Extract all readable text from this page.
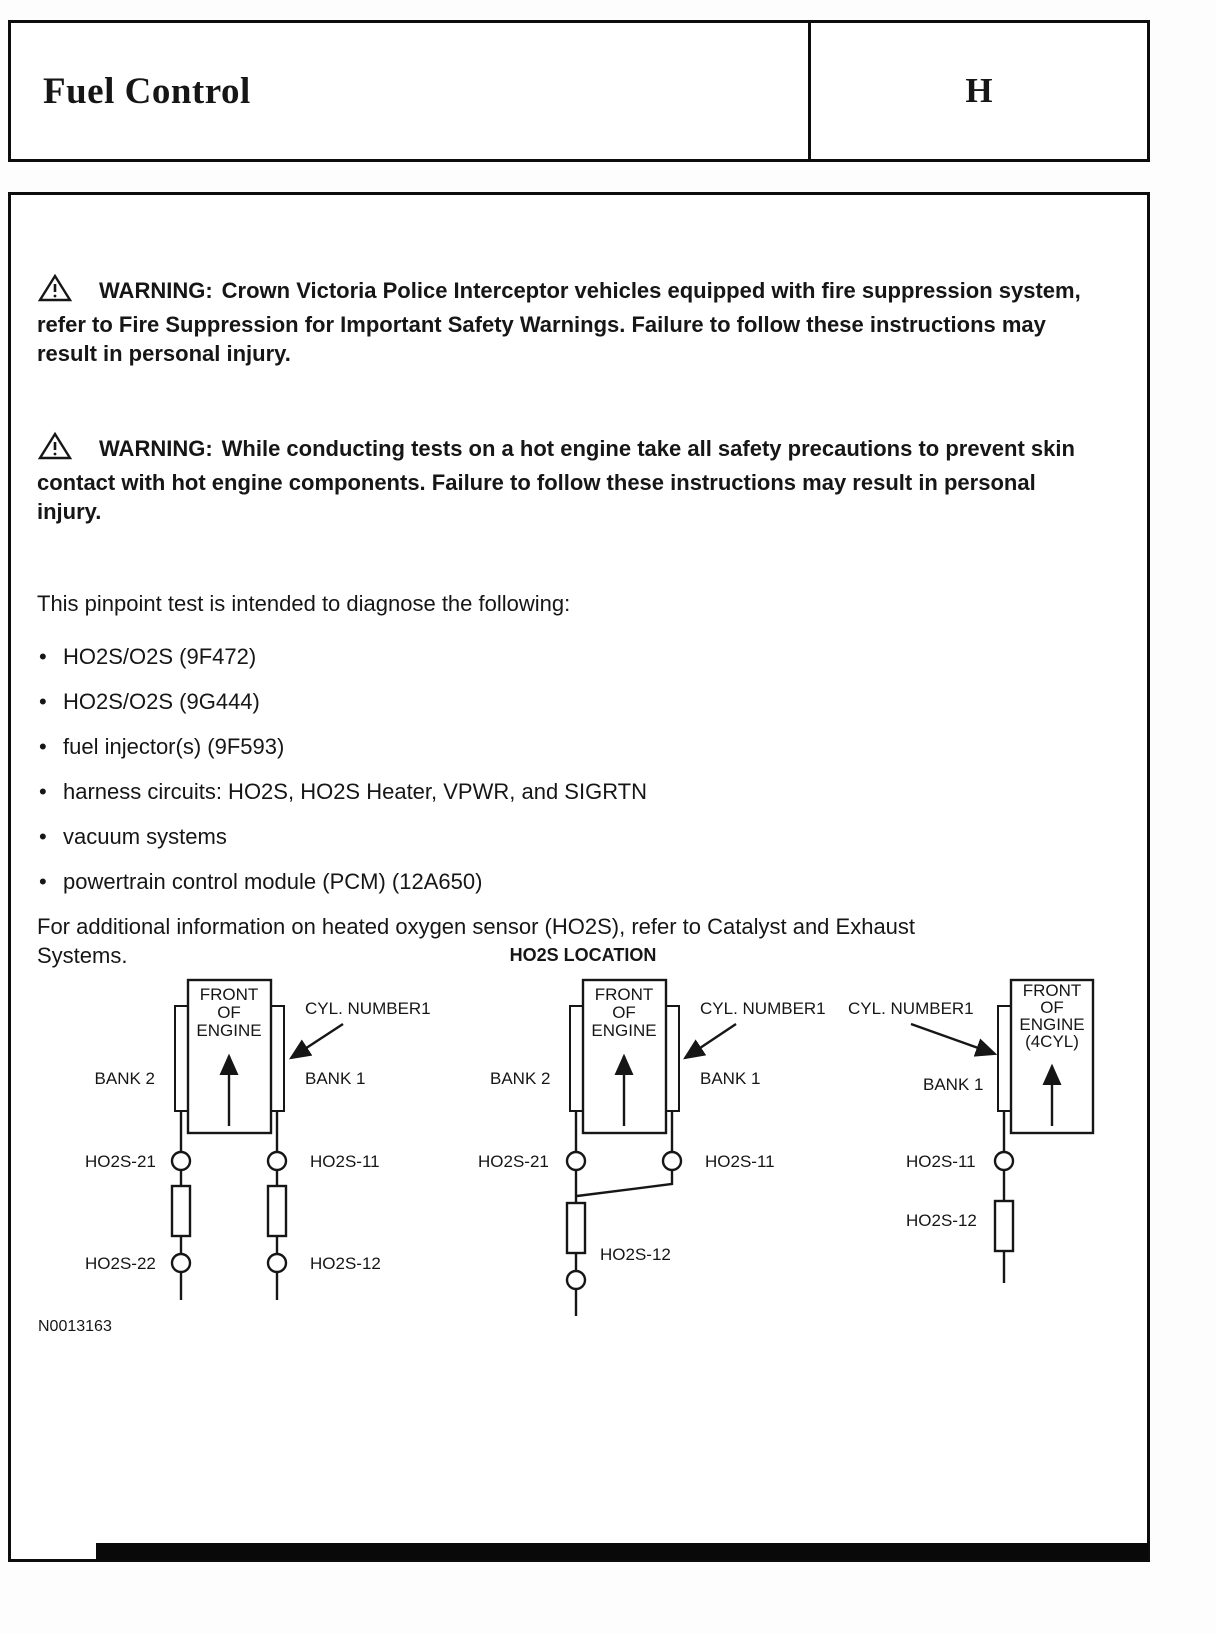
Fuel Control	H

WARNING: Crown Victoria Police Interceptor vehicles equipped with fire suppression system, refer to Fire Suppression for Important Safety Warnings. Failure to follow these instructions may result in personal injury.

WARNING: While conducting tests on a hot engine take all safety precautions to prevent skin contact with hot engine components. Failure to follow these instructions may result in personal injury.

This pinpoint test is intended to diagnose the following:

• HO2S/O2S (9F472)
• HO2S/O2S (9G444)
• fuel injector(s) (9F593)
• harness circuits: HO2S, HO2S Heater, VPWR, and SIGRTN
• vacuum systems
• powertrain control module (PCM) (12A650)

For additional information on heated oxygen sensor (HO2S), refer to Catalyst and Exhaust Systems.	HO2S LOCATION
FRONT
OF
ENGINE
CYL. NUMBER1
BANK 2	BANK 1
HO2S-21	HO2S-11
HO2S-22	HO2S-12
FRONT
OF
ENGINE
CYL. NUMBER1
BANK 2	BANK 1
HO2S-21	HO2S-11
HO2S-12
FRONT
OF
ENGINE
(4CYL)
CYL. NUMBER1
BANK 1
HO2S-11
HO2S-12
N0013163
